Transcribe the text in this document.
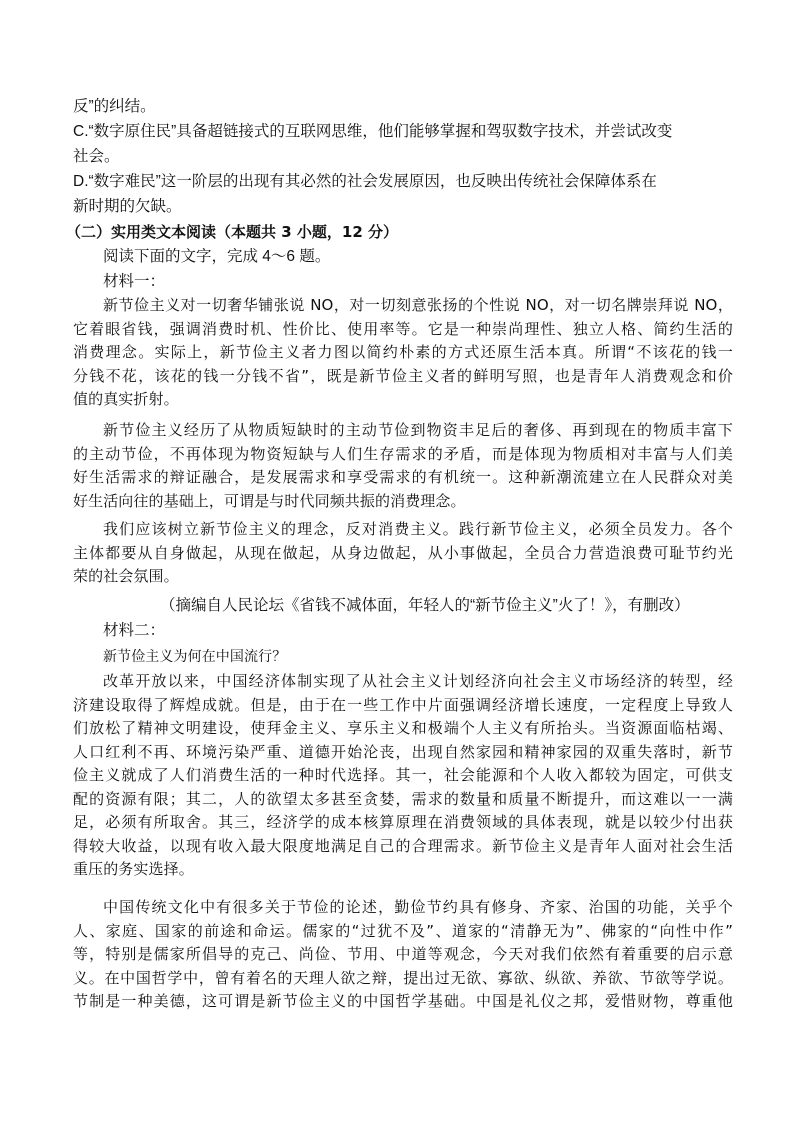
反”的纠结。
C.“数字原住民”具备超链接式的互联网思维，他们能够掌握和驾驭数字技术，并尝试改变
社会。
D.“数字难民”这一阶层的出现有其必然的社会发展原因，也反映出传统社会保障体系在
新时期的欠缺。
（二）实用类文本阅读（本题共 3 小题，12 分）
阅读下面的文字，完成 4～6 题。
材料一：
新节俭主义对一切奢华铺张说 NO，对一切刻意张扬的个性说 NO，对一切名牌崇拜说 NO，
它着眼省钱，强调消费时机、性价比、使用率等。它是一种崇尚理性、独立人格、简约生活的
消费理念。实际上，新节俭主义者力图以简约朴素的方式还原生活本真。所谓“不该花的钱一
分钱不花，该花的钱一分钱不省”，既是新节俭主义者的鲜明写照，也是青年人消费观念和价
值的真实折射。
新节俭主义经历了从物质短缺时的主动节俭到物资丰足后的奢侈、再到现在的物质丰富下
的主动节俭，不再体现为物资短缺与人们生存需求的矛盾，而是体现为物质相对丰富与人们美
好生活需求的辩证融合，是发展需求和享受需求的有机统一。这种新潮流建立在人民群众对美
好生活向往的基础上，可谓是与时代同频共振的消费理念。
我们应该树立新节俭主义的理念，反对消费主义。践行新节俭主义，必须全员发力。各个
主体都要从自身做起，从现在做起，从身边做起，从小事做起，全员合力营造浪费可耻节约光
荣的社会氛围。
（摘编自人民论坛《省钱不减体面，年轻人的“新节俭主义”火了！》，有删改）
材料二：
新节俭主义为何在中国流行？
改革开放以来，中国经济体制实现了从社会主义计划经济向社会主义市场经济的转型，经
济建设取得了辉煌成就。但是，由于在一些工作中片面强调经济增长速度，一定程度上导致人
们放松了精神文明建设，使拜金主义、享乐主义和极端个人主义有所抬头。当资源面临枯竭、
人口红利不再、环境污染严重、道德开始沦丧，出现自然家园和精神家园的双重失落时，新节
俭主义就成了人们消费生活的一种时代选择。其一，社会能源和个人收入都较为固定，可供支
配的资源有限；其二，人的欲望太多甚至贪婪，需求的数量和质量不断提升，而这难以一一满
足，必须有所取舍。其三，经济学的成本核算原理在消费领域的具体表现，就是以较少付出获
得较大收益，以现有收入最大限度地满足自己的合理需求。新节俭主义是青年人面对社会生活
重压的务实选择。
中国传统文化中有很多关于节俭的论述，勤俭节约具有修身、齐家、治国的功能，关乎个
人、家庭、国家的前途和命运。儒家的“过犹不及”、道家的“清静无为”、佛家的“向性中作”
等，特别是儒家所倡导的克己、尚俭、节用、中道等观念，今天对我们依然有着重要的启示意
义。在中国哲学中，曾有着名的天理人欲之辩，提出过无欲、寡欲、纵欲、养欲、节欲等学说。
节制是一种美德，这可谓是新节俭主义的中国哲学基础。中国是礼仪之邦，爱惜财物，尊重他
